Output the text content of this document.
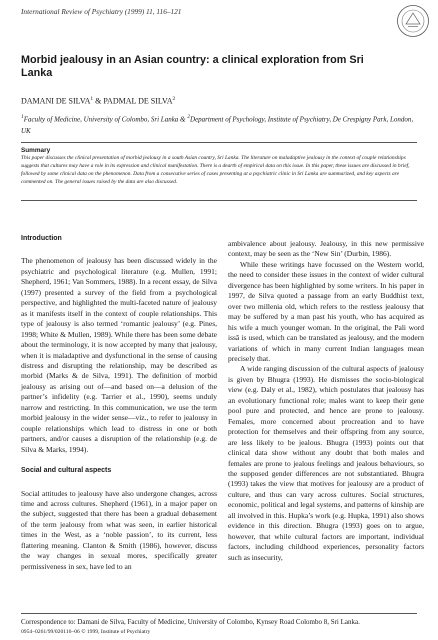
International Review of Psychiatry (1999) 11, 116–121
Morbid jealousy in an Asian country: a clinical exploration from Sri Lanka
DAMANI DE SILVA$^1$ & PADMAL DE SILVA$^2$
$^1$Faculty of Medicine, University of Colombo, Sri Lanka & $^2$Department of Psychology, Institute of Psychiatry, De Crespigny Park, London, UK
Summary
This paper discusses the clinical presentation of morbid jealousy in a south Asian country, Sri Lanka. The literature on maladaptive jealousy in the context of couple relationships suggests that cultures may have a role in its expression and clinical manifestation. There is a dearth of empirical data on this issue. In this paper, these issues are discussed in brief, followed by some clinical data on the phenomenon. Data from a consecutive series of cases presenting at a psychiatric clinic in Sri Lanka are summarized, and key aspects are commented on. The general issues raised by the data are also discussed.
Introduction

The phenomenon of jealousy has been discussed widely in the psychiatric and psychological literature (e.g. Mullen, 1991; Shepherd, 1961; Van Sommers, 1988). In a recent essay, de Silva (1997) presented a survey of the field from a psychological perspective, and highlighted the multi-faceted nature of jealousy as it manifests itself in the context of couple relationships. This type of jealousy is also termed ‘romantic jealousy’ (e.g. Pines, 1998; White & Mullen, 1989). While there has been some debate about the terminology, it is now accepted by many that jealousy, when it is maladaptive and dysfunctional in the sense of causing distress and disrupting the relationship, may be described as morbid (Marks & de Silva, 1991). The definition of morbid jealousy as arising out of—and based on—a delusion of the partner’s infidelity (e.g. Tarrier et al., 1990), seems unduly narrow and restricting. In this communication, we use the term morbid jealousy in the wider sense—viz., to refer to jealousy in couple relationships which lead to distress in one or both partners, and/or causes a disruption of the relationship (e.g. de Silva & Marks, 1994).

Social and cultural aspects

Social attitudes to jealousy have also undergone changes, across time and across cultures. Shepherd (1961), in a major paper on the subject, suggested that there has been a gradual debasement of the term jealousy from what was seen, in earlier historical times in the West, as a ‘noble passion’, to its current, less flattering meaning. Clanton & Smith (1986), however, discuss the way changes in sexual mores, specifically greater permissiveness in sex, have led to an

ambivalence about jealousy. Jealousy, in this new permissive context, may be seen as the ‘New Sin’ (Durbin, 1986).

While these writings have focussed on the Western world, the need to consider these issues in the context of wider cultural divergence has been highlighted by some writers. In his paper in 1997, de Silva quoted a passage from an early Buddhist text, over two millenia old, which refers to the restless jealousy that may be suffered by a man past his youth, who has acquired as his wife a much younger woman. In the original, the Pali word issā is used, which can be translated as jealousy, and the modern variations of which in many current Indian languages mean precisely that.

A wide ranging discussion of the cultural aspects of jealousy is given by Bhugra (1993). He dismisses the socio-biological view (e.g. Daly et al., 1982), which postulates that jealousy has an evolutionary functional role; males want to keep their gene pool pure and protected, and hence are prone to jealousy. Females, more concerned about procreation and to have protection for themselves and their offspring from any source, are less likely to be jealous. Bhugra (1993) points out that clinical data show without any doubt that both males and females are prone to jealous feelings and jealous behaviours, so the supposed gender differences are not substantiated. Bhugra (1993) takes the view that motives for jealousy are a product of culture, and thus can vary across cultures. Social structures, economic, political and legal systems, and patterns of kinship are all involved in this. Hupka’s work (e.g. Hupka, 1991) also shows evidence in this direction. Bhugra (1993) goes on to argue, however, that while cultural factors are important, individual factors, including childhood experiences, personality factors such as insecurity,

Correspondence to: Damani de Silva, Faculty of Medicine, University of Colombo, Kynsey Road Colombo 8, Sri Lanka.
0954–0261/99/020116–06 © 1999, Institute of Psychiatry
